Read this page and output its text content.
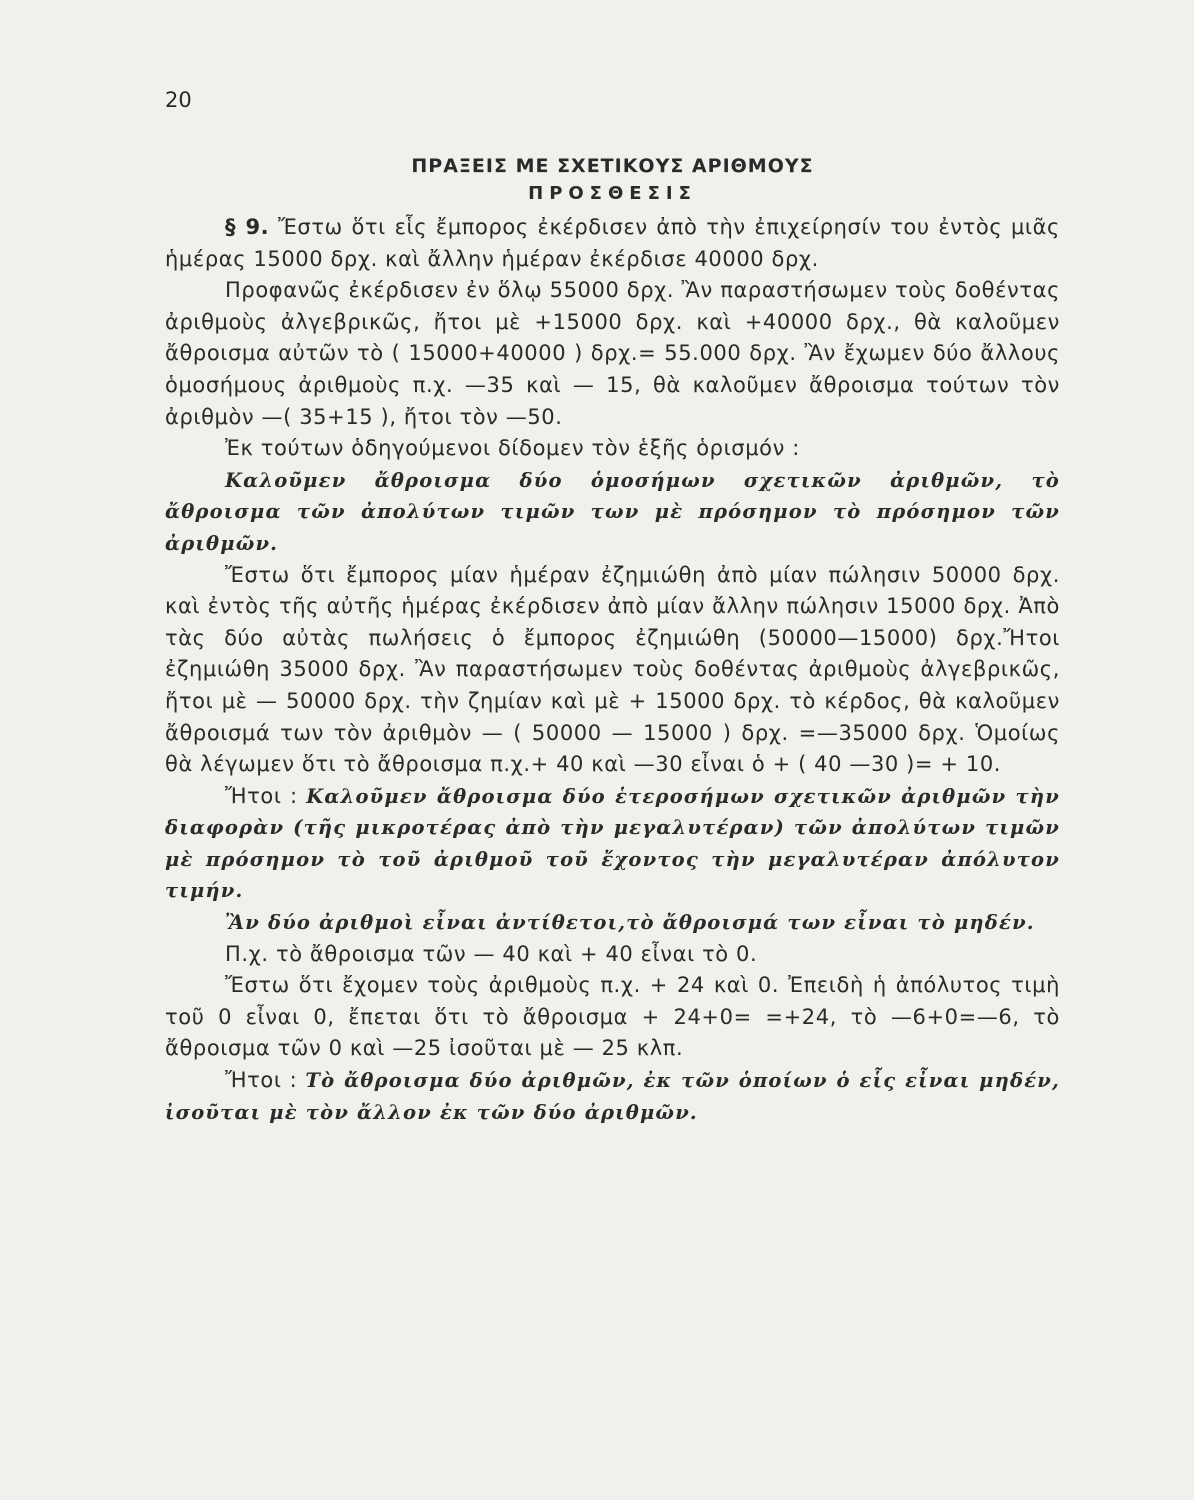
20
ΠΡΑΞΕΙΣ ΜΕ ΣΧΕΤΙΚΟΥΣ ΑΡΙΘΜΟΥΣ
ΠΡΟΣΘΕΣΙΣ

§ 9. Ἔστω ὅτι εἷς ἔμπορος ἐκέρδισεν ἀπὸ τὴν ἐπιχείρησίν του ἐντὸς μιᾶς ἡμέρας 15000 δρχ. καὶ ἄλλην ἡμέραν ἐκέρδισε 40000 δρχ.

Προφανῶς ἐκέρδισεν ἐν ὅλῳ 55000 δρχ. Ἂν παραστήσωμεν τοὺς δοθέντας ἀριθμοὺς ἀλγεβρικῶς, ἤτοι μὲ +15000 δρχ. καὶ +40000 δρχ., θὰ καλοῦμεν ἄθροισμα αὐτῶν τὸ ( 15000+40000 ) δρχ.= 55.000 δρχ. Ἂν ἔχωμεν δύο ἄλλους ὁμοσήμους ἀριθμοὺς π.χ. —35 καὶ — 15, θὰ καλοῦμεν ἄθροισμα τούτων τὸν ἀριθμὸν —( 35+15 ), ἤτοι τὸν —50.

Ἐκ τούτων ὁδηγούμενοι δίδομεν τὸν ἑξῆς ὁρισμόν :

Καλοῦμεν ἄθροισμα δύο ὁμοσήμων σχετικῶν ἀριθμῶν, τὸ ἄθροισμα τῶν ἀπολύτων τιμῶν των μὲ πρόσημον τὸ πρόσημον τῶν ἀριθμῶν.

Ἔστω ὅτι ἔμπορος μίαν ἡμέραν ἐζημιώθη ἀπὸ μίαν πώλησιν 50000 δρχ. καὶ ἐντὸς τῆς αὐτῆς ἡμέρας ἐκέρδισεν ἀπὸ μίαν ἄλλην πώλησιν 15000 δρχ. Ἀπὸ τὰς δύο αὐτὰς πωλήσεις ὁ ἔμπορος ἐζημιώθη (50000—15000) δρχ.Ἤτοι ἐζημιώθη 35000 δρχ. Ἂν παραστήσωμεν τοὺς δοθέντας ἀριθμοὺς ἀλγεβρικῶς, ἤτοι μὲ — 50000 δρχ. τὴν ζημίαν καὶ μὲ + 15000 δρχ. τὸ κέρδος, θὰ καλοῦμεν ἄθροισμά των τὸν ἀριθμὸν — ( 50000 — 15000 ) δρχ. =—35000 δρχ. Ὁμοίως θὰ λέγωμεν ὅτι τὸ ἄθροισμα π.χ.+ 40 καὶ —30 εἶναι ὁ + ( 40 —30 )= + 10.

Ἤτοι : Καλοῦμεν ἄθροισμα δύο ἑτεροσήμων σχετικῶν ἀριθμῶν τὴν διαφορὰν (τῆς μικροτέρας ἀπὸ τὴν μεγαλυτέραν) τῶν ἀπολύτων τιμῶν μὲ πρόσημον τὸ τοῦ ἀριθμοῦ τοῦ ἔχοντος τὴν μεγαλυτέραν ἀπόλυτον τιμήν.

Ἂν δύο ἀριθμοὶ εἶναι ἀντίθετοι,τὸ ἄθροισμά των εἶναι τὸ μηδέν.

Π.χ. τὸ ἄθροισμα τῶν — 40 καὶ + 40 εἶναι τὸ 0.

Ἔστω ὅτι ἔχομεν τοὺς ἀριθμοὺς π.χ. + 24 καὶ 0. Ἐπειδὴ ἡ ἀπόλυτος τιμὴ τοῦ 0 εἶναι 0, ἔπεται ὅτι τὸ ἄθροισμα + 24+0= =+24, τὸ —6+0=—6, τὸ ἄθροισμα τῶν 0 καὶ —25 ἰσοῦται μὲ — 25 κλπ.

Ἤτοι : Τὸ ἄθροισμα δύο ἀριθμῶν, ἐκ τῶν ὁποίων ὁ εἷς εἶναι μηδέν, ἰσοῦται μὲ τὸν ἄλλον ἐκ τῶν δύο ἀριθμῶν.
